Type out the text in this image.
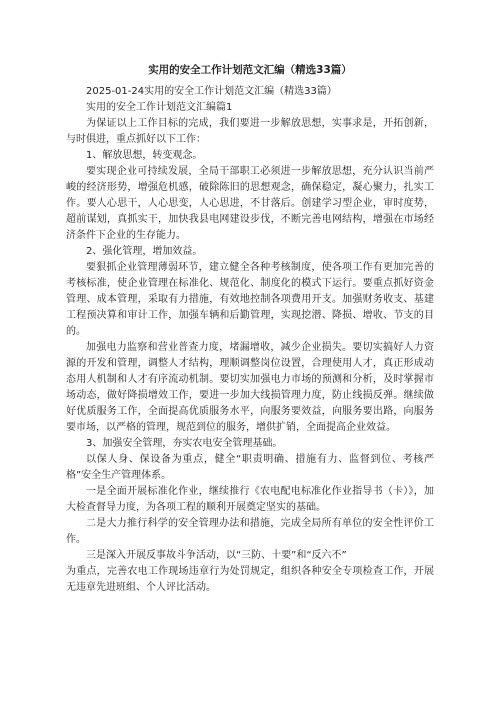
实用的安全工作计划范文汇编（精选33篇）

2025-01-24实用的安全工作计划范文汇编（精选33篇）

实用的安全工作计划范文汇编篇1

为保证以上工作目标的完成，我们要进一步解放思想，实事求是，开拓创新，与时俱进，重点抓好以下工作：

1、解放思想，转变观念。

要实现企业可持续发展，全局干部职工必须进一步解放思想，充分认识当前严峻的经济形势，增强危机感，破除陈旧的思想观念，确保稳定，凝心聚力，扎实工作。要人心思干，人心思变，人心思进，不甘落后。创建学习型企业，审时度势，超前谋划，真抓实干，加快我县电网建设步伐，不断完善电网结构，增强在市场经济条件下企业的生存能力。

2、强化管理，增加效益。

要狠抓企业管理薄弱环节，建立健全各种考核制度，使各项工作有更加完善的考核标准，使企业管理在标准化、规范化、制度化的模式下运行。要重点抓好资金管理、成本管理，采取有力措施，有效地控制各项费用开支。加强财务收支、基建工程预决算和审计工作，加强车辆和后勤管理，实现挖潜、降损、增收、节支的目的。

加强电力监察和营业普查力度，堵漏增收，减少企业损失。要切实搞好人力资源的开发和管理，调整人才结构，理顺调整岗位设置，合理使用人才，真正形成动态用人机制和人才有序流动机制。要切实加强电力市场的预测和分析，及时掌握市场动态，做好降损增效工作，要进一步加大线损管理力度，防止线损反弹。继续做好优质服务工作，全面提高优质服务水平，向服务要效益，向服务要出路，向服务要市场，以严格的管理，规范到位的服务，增供扩销，全面提高企业效益。

3、加强安全管理，夯实农电安全管理基础。

以保人身、保设备为重点，健全“职责明确、措施有力、监督到位、考核严格”安全生产管理体系。

一是全面开展标准化作业，继续推行《农电配电标准化作业指导书（卡）》，加大检查督导力度，为各项工程的顺利开展奠定坚实的基础。

二是大力推行科学的安全管理办法和措施，完成全局所有单位的安全性评价工作。

三是深入开展反事故斗争活动，以“三防、十要”和“反六不”

为重点，完善农电工作现场违章行为处罚规定，组织各种安全专项检查工作，开展无违章先进班组、个人评比活动。
